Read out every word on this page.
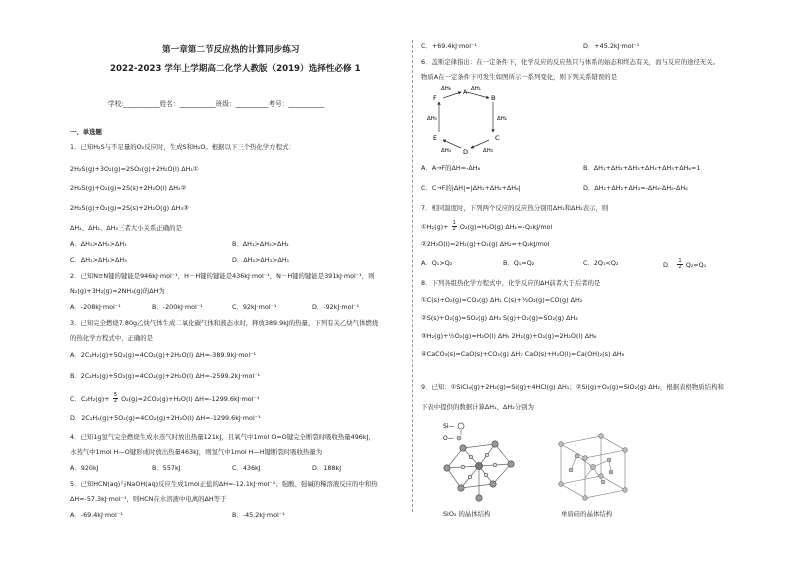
第一章第二节反应热的计算同步练习
2022-2023 学年上学期高二化学人教版（2019）选择性必修 1
学校:___________姓名：___________班级：__________考号：___________
一、单选题
1．已知H₂S与不足量的O₂反应时，生成S和H₂O。根据以下三个热化学方程式：
2H₂S(g)+3O₂(g)=2SO₂(g)+2H₂O(l) ΔH₁①
2H₂S(g)+O₂(g)=2S(s)+2H₂O(l) ΔH₂②
2H₂S(g)+O₂(g)=2S(s)+2H₂O(g) ΔH₃③
ΔH₁、ΔH₂、ΔH₃三者大小关系正确的是
A．ΔH₃>ΔH₂>ΔH₁	B．ΔH₁>ΔH₃>ΔH₂
C．ΔH₁>ΔH₂>ΔH₃	D．ΔH₂>ΔH₃>ΔH₁
2．已知N≡N键的键能是946kJ·mol⁻¹，H－H键的键能是436kJ·mol⁻¹，N－H键的键能是391kJ·mol⁻¹，则
N₂(g)+3H₂(g)=2NH₃(g)的ΔH为
A．-208kJ·mol⁻¹	B．-200kJ·mol⁻¹	C．92kJ·mol⁻¹	D．-92kJ·mol⁻¹
3．已知完全燃烧7.80g乙炔气体生成二氧化碳气体和液态水时，释放389.9kJ的热量，下列有关乙炔气体燃烧
的热化学方程式中，正确的是
A．2C₂H₂(g)+5O₂(g)=4CO₂(g)+2H₂O(l) ΔH=-389.9kJ·mol⁻¹
B．2C₂H₂(g)+5O₂(g)=4CO₂(g)+2H₂O(l) ΔH=-2599.2kJ·mol⁻¹
C．$C_2H_2(g)+ \frac{5}{2} O_2(g)=2CO_2(g)+H_2O(l)$ ΔH=-1299.6kJ·mol⁻¹
D．2C₂H₂(g)+5O₂(g)=4CO₂(g)+2H₂O(l) ΔH=-1299.6kJ·mol⁻¹
4．已知1g氢气完全燃烧生成水蒸气时放出热量121kJ，且氧气中1mol O=O键完全断裂时吸收热量496kJ，
水蒸气中1mol H—O键形成时放出热量463kJ，则氢气中1mol H—H键断裂时吸收热量为
A．920kJ	B．557kJ	C．436kJ	D．188kJ
5．已知HCN(aq)与NaOH(aq)反应生成1mol正盐的ΔH=-12.1kJ·mol⁻¹；强酸、强碱的稀溶液反应的中和热
ΔH=-57.3kJ·mol⁻¹，则HCN在水溶液中电离的ΔH等于
A．-69.4kJ·mol⁻¹	B．-45.2kJ·mol⁻¹
C．+69.4kJ·mol⁻¹	D．+45.2kJ·mol⁻¹
6．盖斯定律指出：在一定条件下，化学反应的反应热只与体系的始态和终态有关，而与反应的途径无关。
物质A在一定条件下可发生如图所示一系列变化，则下列关系错误的是
A
B
C
D
E
F
ΔH₁
ΔH₂
ΔH₃
ΔH₄
ΔH₅
ΔH₆
A．A→F的ΔH=-ΔH₆	B．ΔH₁+ΔH₂+ΔH₃+ΔH₄+ΔH₅+ΔH₆=1
C．C→F的|ΔH|=|ΔH₁+ΔH₂+ΔH₆|	D．ΔH₁+ΔH₂+ΔH₃=-ΔH₄-ΔH₅-ΔH₆
7．相同温度时，下列两个反应的反应热分别用ΔH₁和ΔH₂表示，则
①H₂(g)+ $\frac{1}{2} O_2(g)=H_2O(g)$ ΔH₁=-Q₁kJ/mol
②2H₂O(l)=2H₂(g)+O₂(g) ΔH₂=+Q₂kJ/mol
A．Q₁>Q₂	B．Q₁=Q₂	C．2Q₁<Q₂	D． $\frac{1}{2} Q_2=Q_1$
8．下列各组热化学方程式中，化学反应的ΔH前者大于后者的是
①C(s)+O₂(g)=CO₂(g) ΔH₁ C(s)+½O₂(g)=CO(g) ΔH₂
②S(s)+O₂(g)=SO₂(g) ΔH₃ S(g)+O₂(g)=SO₂(g) ΔH₄
③H₂(g)+½O₂(g)=H₂O(l) ΔH₅ 2H₂(g)+O₂(g)=2H₂O(l) ΔH₆
④CaCO₃(s)=CaO(s)+CO₂(g) ΔH₇ CaO(s)+H₂O(l)=Ca(OH)₂(s) ΔH₈
9．已知：①SiCl₄(g)+2H₂(g)=Si(g)+4HCl(g) ΔH₁；②Si(g)+O₂(g)=SiO₂(g) ΔH₂，根据表格物质结构和
下表中提供的数据计算ΔH₁、ΔH₂分别为
Si—
O—
SiO₂ 的晶体结构	单质硅的晶体结构
